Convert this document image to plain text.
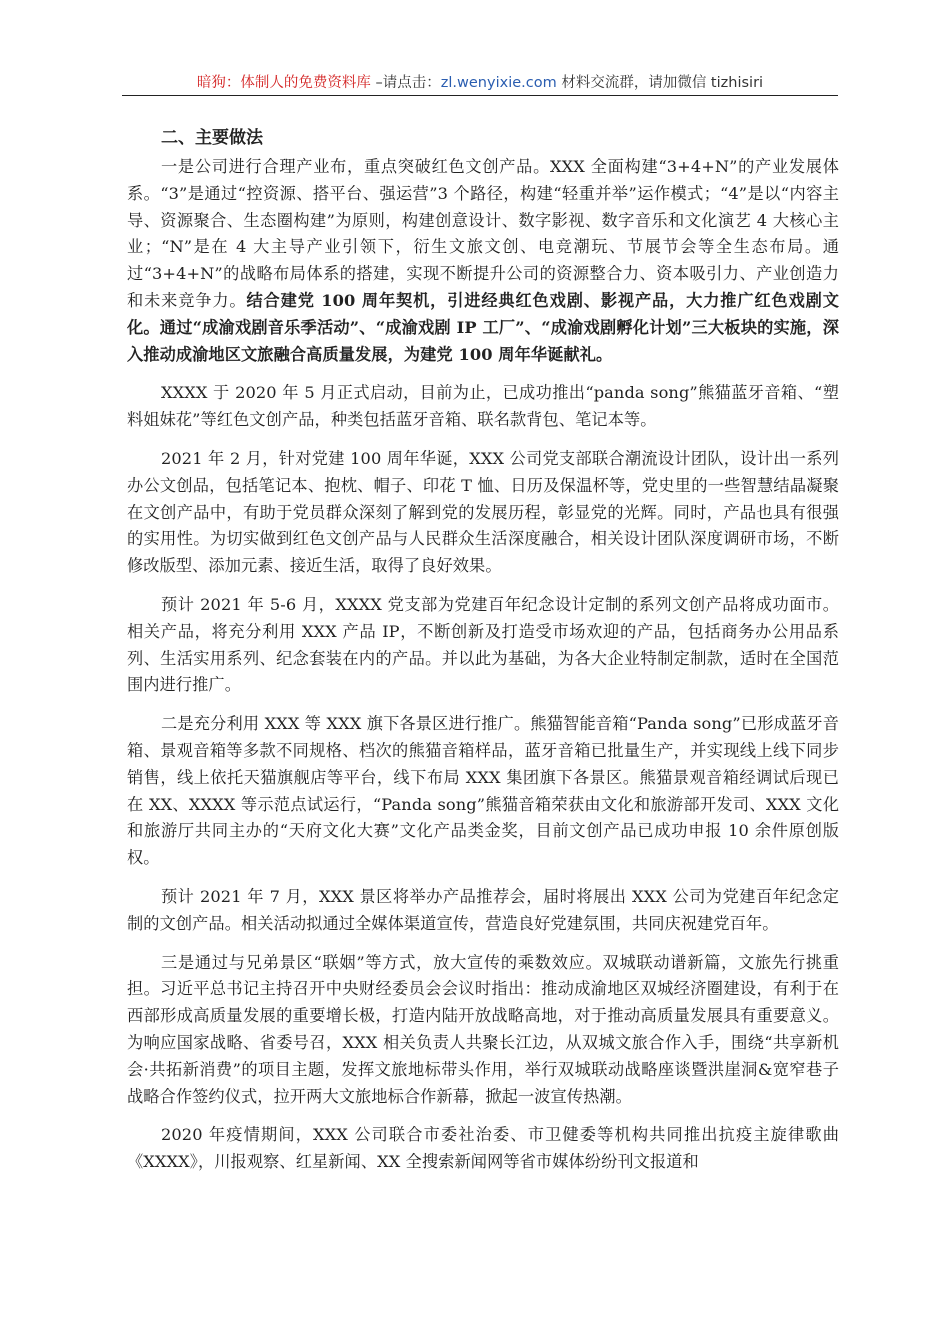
暗狗：体制人的免费资料库 –请点击：zl.wenyixie.com 材料交流群，请加微信 tizhisiri
二、主要做法

一是公司进行合理产业布，重点突破红色文创产品。XXX 全面构建“3+4+N”的产业发展体系。“3”是通过“控资源、搭平台、强运营”3 个路径，构建“轻重并举”运作模式；“4”是以“内容主导、资源聚合、生态圈构建”为原则，构建创意设计、数字影视、数字音乐和文化演艺 4 大核心主业；“N”是在 4 大主导产业引领下，衍生文旅文创、电竞潮玩、节展节会等全生态布局。通过“3+4+N”的战略布局体系的搭建，实现不断提升公司的资源整合力、资本吸引力、产业创造力和未来竞争力。结合建党 100 周年契机，引进经典红色戏剧、影视产品，大力推广红色戏剧文化。通过“成渝戏剧音乐季活动”、“成渝戏剧 IP 工厂”、“成渝戏剧孵化计划”三大板块的实施，深入推动成渝地区文旅融合高质量发展，为建党 100 周年华诞献礼。

XXXX 于 2020 年 5 月正式启动，目前为止，已成功推出“panda song”熊猫蓝牙音箱、“塑料姐妹花”等红色文创产品，种类包括蓝牙音箱、联名款背包、笔记本等。

2021 年 2 月，针对党建 100 周年华诞，XXX 公司党支部联合潮流设计团队，设计出一系列办公文创品，包括笔记本、抱枕、帽子、印花 T 恤、日历及保温杯等，党史里的一些智慧结晶凝聚在文创产品中，有助于党员群众深刻了解到党的发展历程，彰显党的光辉。同时，产品也具有很强的实用性。为切实做到红色文创产品与人民群众生活深度融合，相关设计团队深度调研市场，不断修改版型、添加元素、接近生活，取得了良好效果。

预计 2021 年 5-6 月，XXXX 党支部为党建百年纪念设计定制的系列文创产品将成功面市。相关产品，将充分利用 XXX 产品 IP，不断创新及打造受市场欢迎的产品，包括商务办公用品系列、生活实用系列、纪念套装在内的产品。并以此为基础，为各大企业特制定制款，适时在全国范围内进行推广。

二是充分利用 XXX 等 XXX 旗下各景区进行推广。熊猫智能音箱“Panda song”已形成蓝牙音箱、景观音箱等多款不同规格、档次的熊猫音箱样品，蓝牙音箱已批量生产，并实现线上线下同步销售，线上依托天猫旗舰店等平台，线下布局 XXX 集团旗下各景区。熊猫景观音箱经调试后现已在 XX、XXXX 等示范点试运行，“Panda song”熊猫音箱荣获由文化和旅游部开发司、XXX 文化和旅游厅共同主办的“天府文化大赛”文化产品类金奖，目前文创产品已成功申报 10 余件原创版权。

预计 2021 年 7 月，XXX 景区将举办产品推荐会，届时将展出 XXX 公司为党建百年纪念定制的文创产品。相关活动拟通过全媒体渠道宣传，营造良好党建氛围，共同庆祝建党百年。

三是通过与兄弟景区“联姻”等方式，放大宣传的乘数效应。双城联动谱新篇，文旅先行挑重担。习近平总书记主持召开中央财经委员会会议时指出：推动成渝地区双城经济圈建设，有利于在西部形成高质量发展的重要增长极，打造内陆开放战略高地，对于推动高质量发展具有重要意义。为响应国家战略、省委号召，XXX 相关负责人共聚长江边，从双城文旅合作入手，围绕“共享新机会·共拓新消费”的项目主题，发挥文旅地标带头作用，举行双城联动战略座谈暨洪崖洞&宽窄巷子战略合作签约仪式，拉开两大文旅地标合作新幕，掀起一波宣传热潮。

2020 年疫情期间，XXX 公司联合市委社治委、市卫健委等机构共同推出抗疫主旋律歌曲《XXXX》，川报观察、红星新闻、XX 全搜索新闻网等省市媒体纷纷刊文报道和
